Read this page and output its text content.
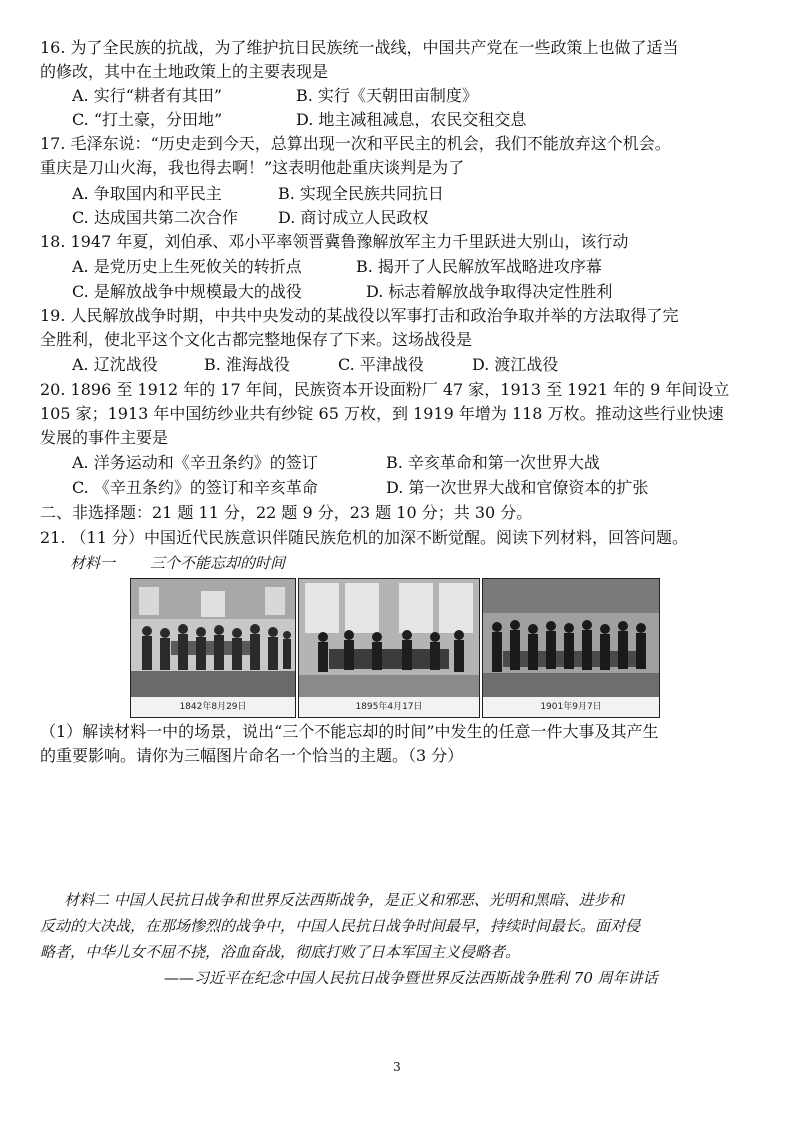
16. 为了全民族的抗战，为了维护抗日民族统一战线，中国共产党在一些政策上也做了适当
的修改，其中在土地政策上的主要表现是
A. 实行“耕者有其田”	B. 实行《天朝田亩制度》
C. “打土豪，分田地”	D. 地主减租减息，农民交租交息
17. 毛泽东说：“历史走到今天，总算出现一次和平民主的机会，我们不能放弃这个机会。
重庆是刀山火海，我也得去啊！”这表明他赴重庆谈判是为了
A. 争取国内和平民主	B. 实现全民族共同抗日
C. 达成国共第二次合作	D. 商讨成立人民政权
18. 1947 年夏，刘伯承、邓小平率领晋冀鲁豫解放军主力千里跃进大别山，该行动
A. 是党历史上生死攸关的转折点	B. 揭开了人民解放军战略进攻序幕
C. 是解放战争中规模最大的战役	D. 标志着解放战争取得决定性胜利
19. 人民解放战争时期，中共中央发动的某战役以军事打击和政治争取并举的方法取得了完
全胜利，使北平这个文化古都完整地保存了下来。这场战役是
A. 辽沈战役	B. 淮海战役	C. 平津战役	D. 渡江战役
20. 1896 至 1912 年的 17 年间，民族资本开设面粉厂 47 家，1913 至 1921 年的 9 年间设立
105 家；1913 年中国纺纱业共有纱锭 65 万枚，到 1919 年增为 118 万枚。推动这些行业快速
发展的事件主要是
A. 洋务运动和《辛丑条约》的签订	B. 辛亥革命和第一次世界大战
C. 《辛丑条约》的签订和辛亥革命	D. 第一次世界大战和官僚资本的扩张
二、非选择题：21 题 11 分，22 题 9 分，23 题 10 分；共 30 分。
21. （11 分）中国近代民族意识伴随民族危机的加深不断觉醒。阅读下列材料，回答问题。
材料一 三个不能忘却的时间
1842年8月29日	1895年4月17日	1901年9月7日
（1）解读材料一中的场景，说出“三个不能忘却的时间”中发生的任意一件大事及其产生
的重要影响。请你为三幅图片命名一个恰当的主题。（3 分）
材料二 中国人民抗日战争和世界反法西斯战争，是正义和邪恶、光明和黑暗、进步和
反动的大决战，在那场惨烈的战争中，中国人民抗日战争时间最早，持续时间最长。面对侵
略者，中华儿女不屈不挠，浴血奋战，彻底打败了日本军国主义侵略者。
——习近平在纪念中国人民抗日战争暨世界反法西斯战争胜利 70 周年讲话
3
